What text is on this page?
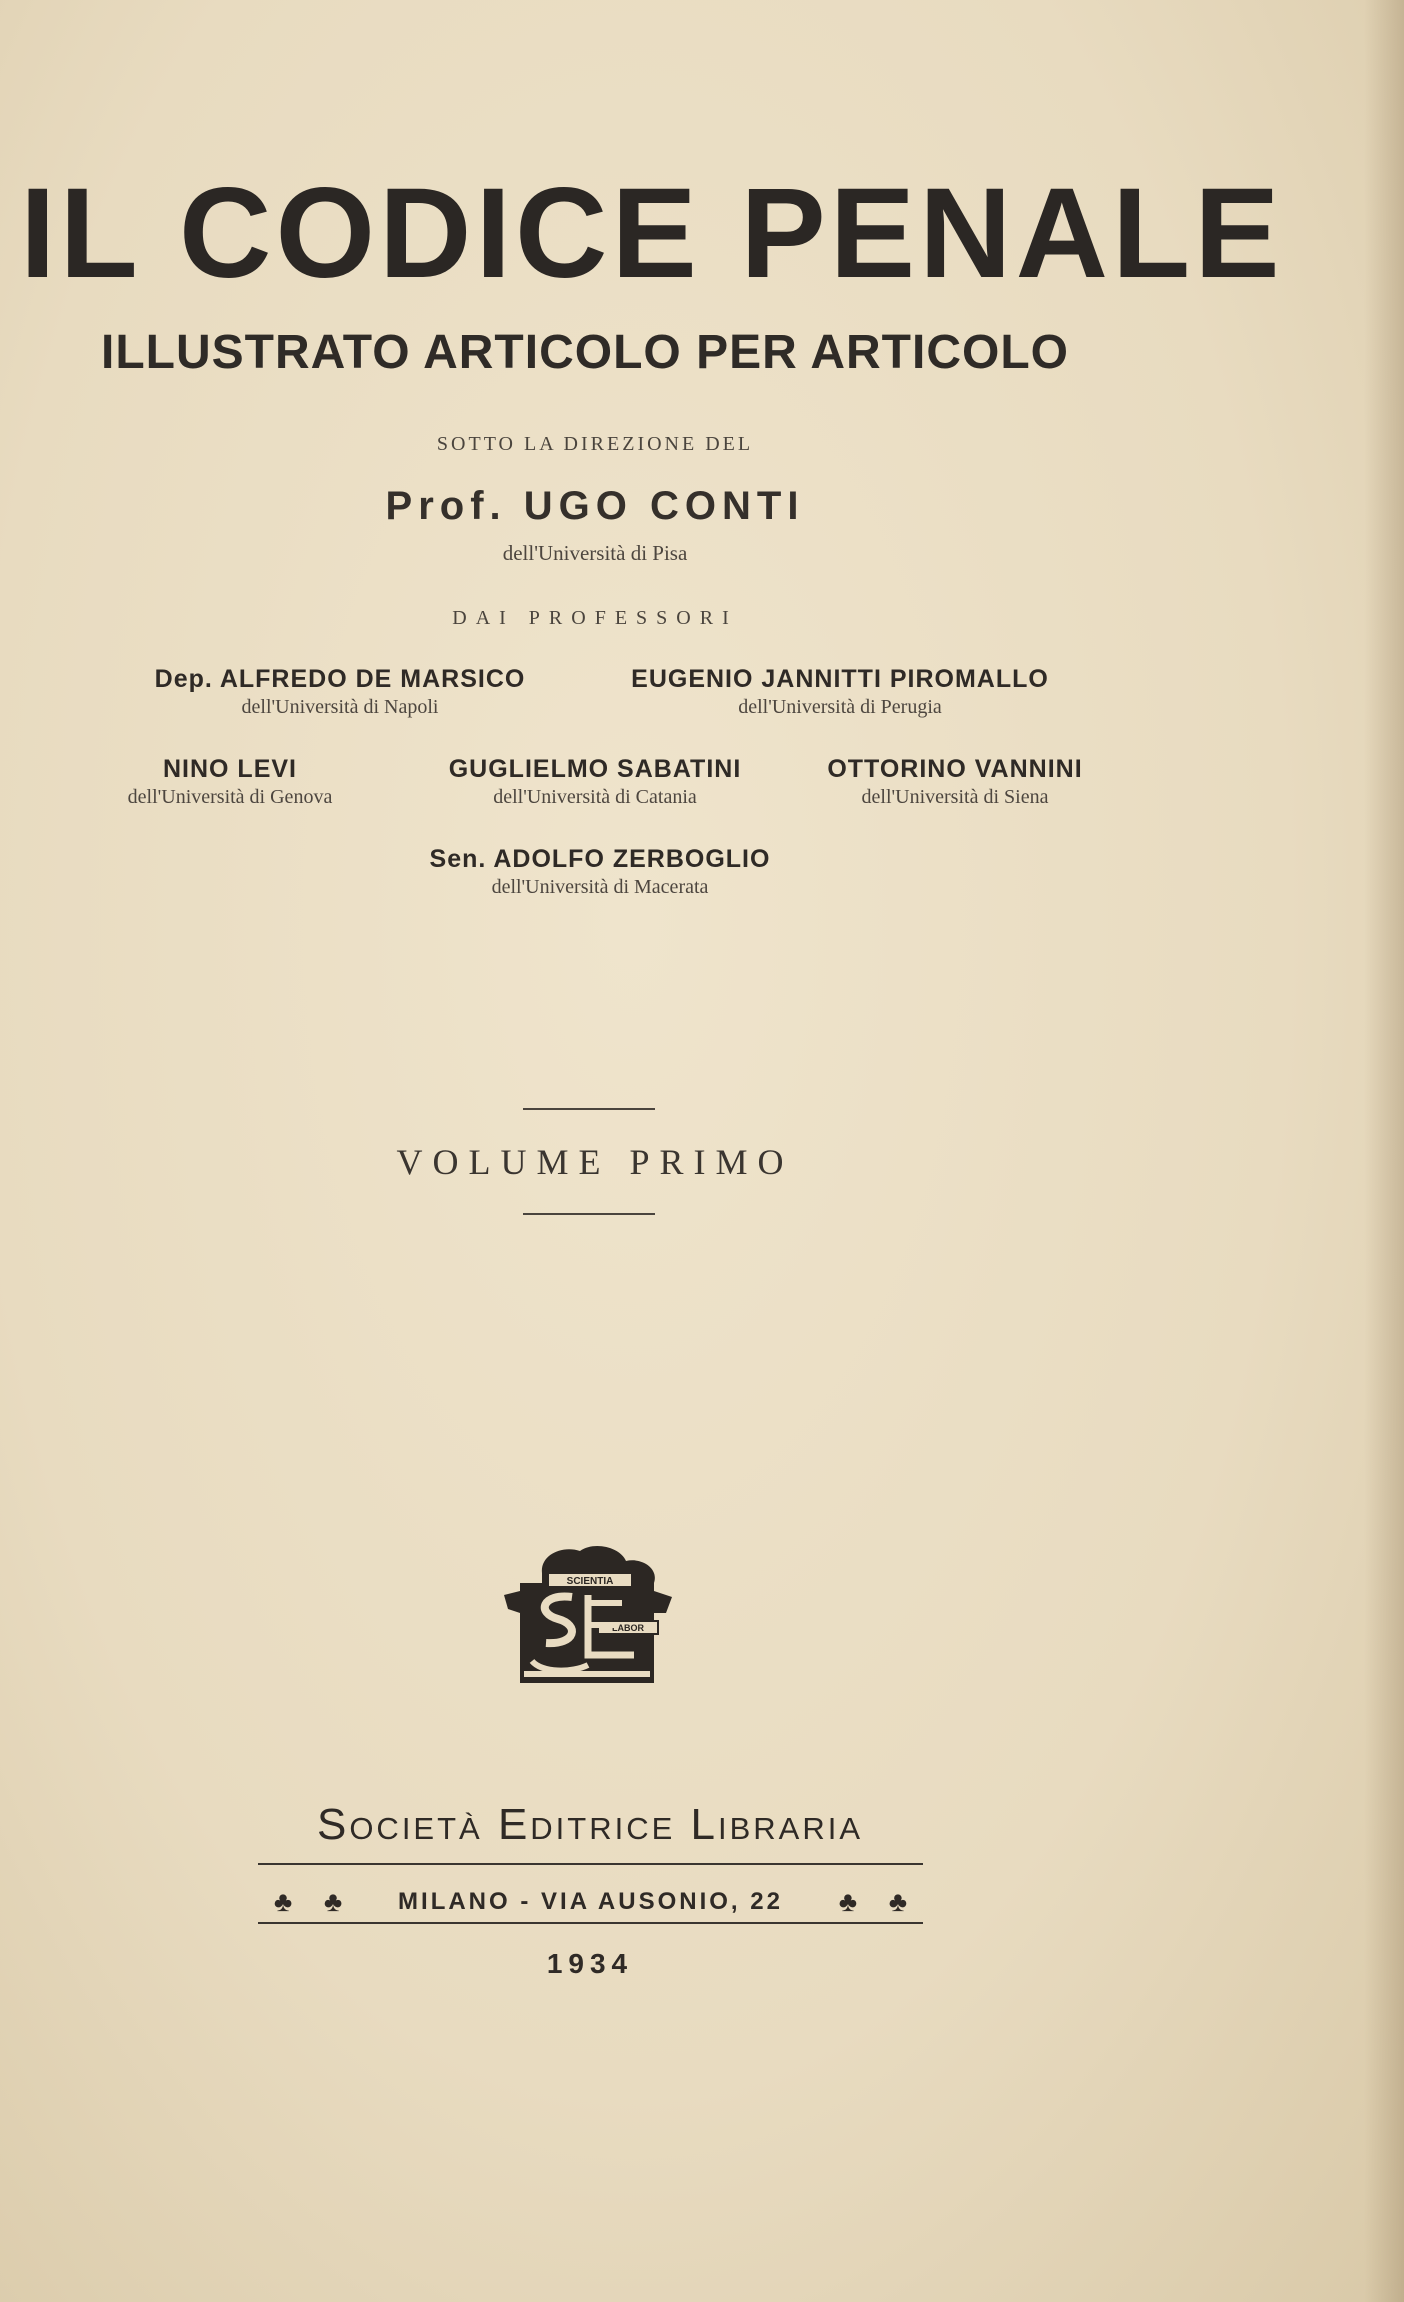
IL CODICE PENALE
ILLUSTRATO ARTICOLO PER ARTICOLO
SOTTO LA DIREZIONE DEL
Prof. UGO CONTI
dell'Università di Pisa
DAI PROFESSORI
Dep. ALFREDO DE MARSICO
dell'Università di Napoli
EUGENIO JANNITTI PIROMALLO
dell'Università di Perugia
NINO LEVI
dell'Università di Genova
GUGLIELMO SABATINI
dell'Università di Catania
OTTORINO VANNINI
dell'Università di Siena
Sen. ADOLFO ZERBOGLIO
dell'Università di Macerata
VOLUME PRIMO
SCIENTIA
LABOR
Società Editrice Libraria
♣ ♣	MILANO - VIA AUSONIO, 22	♣ ♣
1934
